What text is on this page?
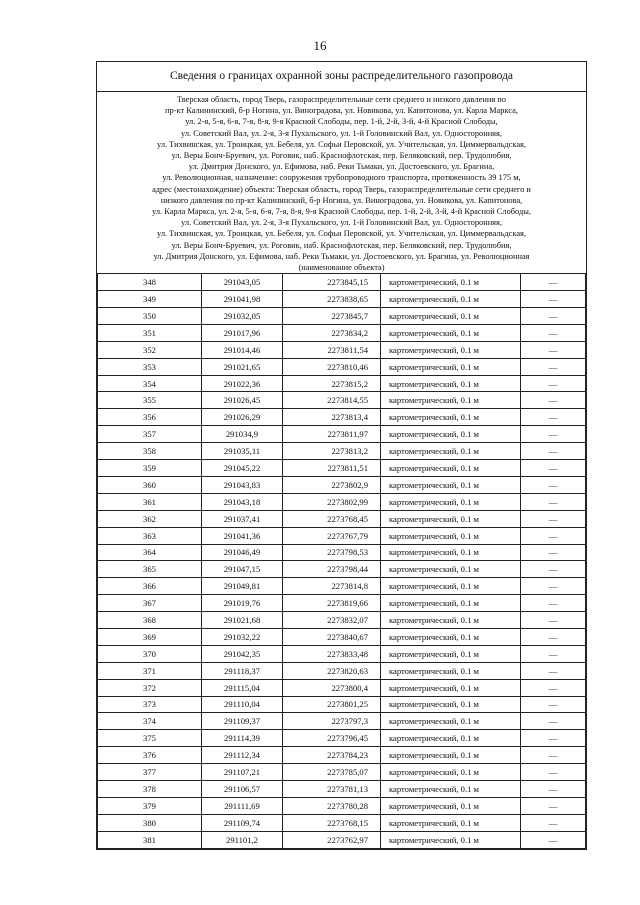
16
Сведения о границах охранной зоны распределительного газопровода

Тверская область, город Тверь, газораспределительные сети среднего и низкого давления по

пр-кт Калининский, б-р Ногина, ул. Виноградова, ул. Новикова, ул. Капитонова, ул. Карла Маркса,

ул. 2-я, 5-я, 6-я, 7-я, 8-я, 9-я Красной Слободы, пер. 1-й, 2-й, 3-й, 4-й Красной Слободы,

ул. Советский Вал, ул. 2-я, 3-я Пухальского, ул. 1-й Головинский Вал, ул. Односторонняя,

ул. Тихвинская, ул. Троицкая, ул. Бебеля, ул. Софьи Перовской, ул. Учительская, ул. Циммервальдская,

ул. Веры Бонч-Бруевич, ул. Роговик, наб. Краснофлотская, пер. Беляковский, пер. Трудолюбия,

ул. Дмитрия Донского, ул. Ефимова, наб. Реки Тьмаки, ул. Достоевского, ул. Брагина,

ул. Революционная, назначение: сооружения трубопроводного транспорта, протяженность 39 175 м,

адрес (местонахождение) объекта: Тверская область, город Тверь, газораспределительные сети среднего и

низкого давления по пр-кт Калининский, б-р Ногина, ул. Виноградова, ул. Новикова, ул. Капитонова,

ул. Карла Маркса, ул. 2-я, 5-я, 6-я, 7-я, 8-я, 9-я Красной Слободы, пер. 1-й, 2-й, 3-й, 4-й Красной Слободы,

ул. Советский Вал, ул. 2-я, 3-я Пухальского, ул. 1-й Головинский Вал, ул. Односторонняя,

ул. Тихвинская, ул. Троицкая, ул. Бебеля, ул. Софьи Перовской, ул. Учительская, ул. Циммервальдская,

ул. Веры Бонч-Бруевич, ул. Роговик, наб. Краснофлотская, пер. Беляковский, пер. Трудолюбия,

ул. Дмитрия Донского, ул. Ефимова, наб. Реки Тьмаки, ул. Достоевского, ул. Брагина, ул. Революционная

(наименование объекта)

348	291043,05	2273845,15	картометрический, 0.1 м	—
349	291041,98	2273838,65	картометрический, 0.1 м	—
350	291032,05	2273845,7	картометрический, 0.1 м	—
351	291017,96	2273834,2	картометрический, 0.1 м	—
352	291014,46	2273811,54	картометрический, 0.1 м	—
353	291021,65	2273810,46	картометрический, 0.1 м	—
354	291022,36	2273815,2	картометрический, 0.1 м	—
355	291026,45	2273814,55	картометрический, 0.1 м	—
356	291026,29	2273813,4	картометрический, 0.1 м	—
357	291034,9	2273811,97	картометрический, 0.1 м	—
358	291035,11	2273813,2	картометрический, 0.1 м	—
359	291045,22	2273811,51	картометрический, 0.1 м	—
360	291043,83	2273802,9	картометрический, 0.1 м	—
361	291043,18	2273802,99	картометрический, 0.1 м	—
362	291037,41	2273768,45	картометрический, 0.1 м	—
363	291041,36	2273767,79	картометрический, 0.1 м	—
364	291046,49	2273798,53	картометрический, 0.1 м	—
365	291047,15	2273798,44	картометрический, 0.1 м	—
366	291049,81	2273814,8	картометрический, 0.1 м	—
367	291019,76	2273819,66	картометрический, 0.1 м	—
368	291021,68	2273832,07	картометрический, 0.1 м	—
369	291032,22	2273840,67	картометрический, 0.1 м	—
370	291042,35	2273833,48	картометрический, 0.1 м	—
371	291118,37	2273820,63	картометрический, 0.1 м	—
372	291115,04	2273800,4	картометрический, 0.1 м	—
373	291110,04	2273801,25	картометрический, 0.1 м	—
374	291109,37	2273797,3	картометрический, 0.1 м	—
375	291114,39	2273796,45	картометрический, 0.1 м	—
376	291112,34	2273784,23	картометрический, 0.1 м	—
377	291107,21	2273785,07	картометрический, 0.1 м	—
378	291106,57	2273781,13	картометрический, 0.1 м	—
379	291111,69	2273780,28	картометрический, 0.1 м	—
380	291109,74	2273768,15	картометрический, 0.1 м	—
381	291101,2	2273762,97	картометрический, 0.1 м	—
